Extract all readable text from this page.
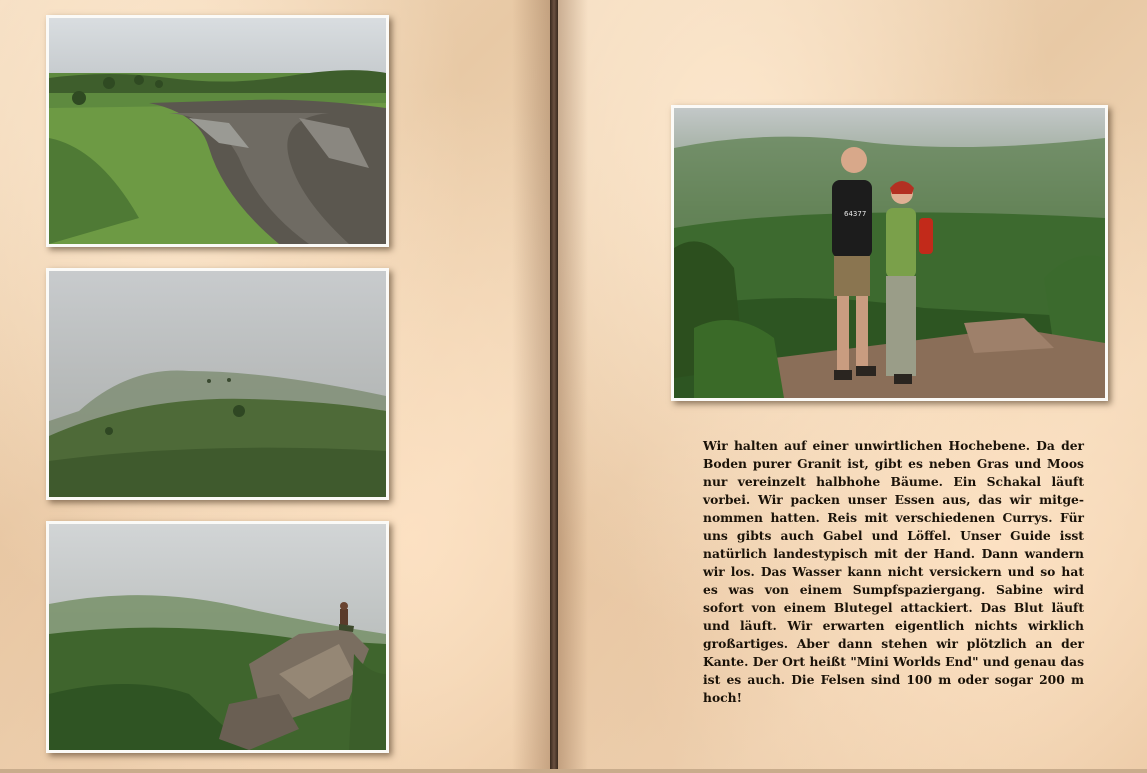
64377

Wir halten auf einer unwirtlichen Hochebene. Da der Boden purer Granit ist, gibt es neben Gras und Moos nur vereinzelt halbhohe Bäume. Ein Schakal läuft vorbei. Wir packen unser Essen aus, das wir mitge-nommen hatten. Reis mit verschiedenen Currys. Für uns gibts auch Gabel und Löffel. Unser Guide isst natürlich landestypisch mit der Hand. Dann wandern wir los. Das Wasser kann nicht versickern und so hat es was von einem Sumpfspaziergang. Sabine wird sofort von einem Blutegel attackiert. Das Blut läuft und läuft. Wir erwarten eigentlich nichts wirklich großartiges. Aber dann stehen wir plötzlich an der Kante. Der Ort heißt "Mini Worlds End" und genau das ist es auch. Die Felsen sind 100 m oder sogar 200 m hoch!
